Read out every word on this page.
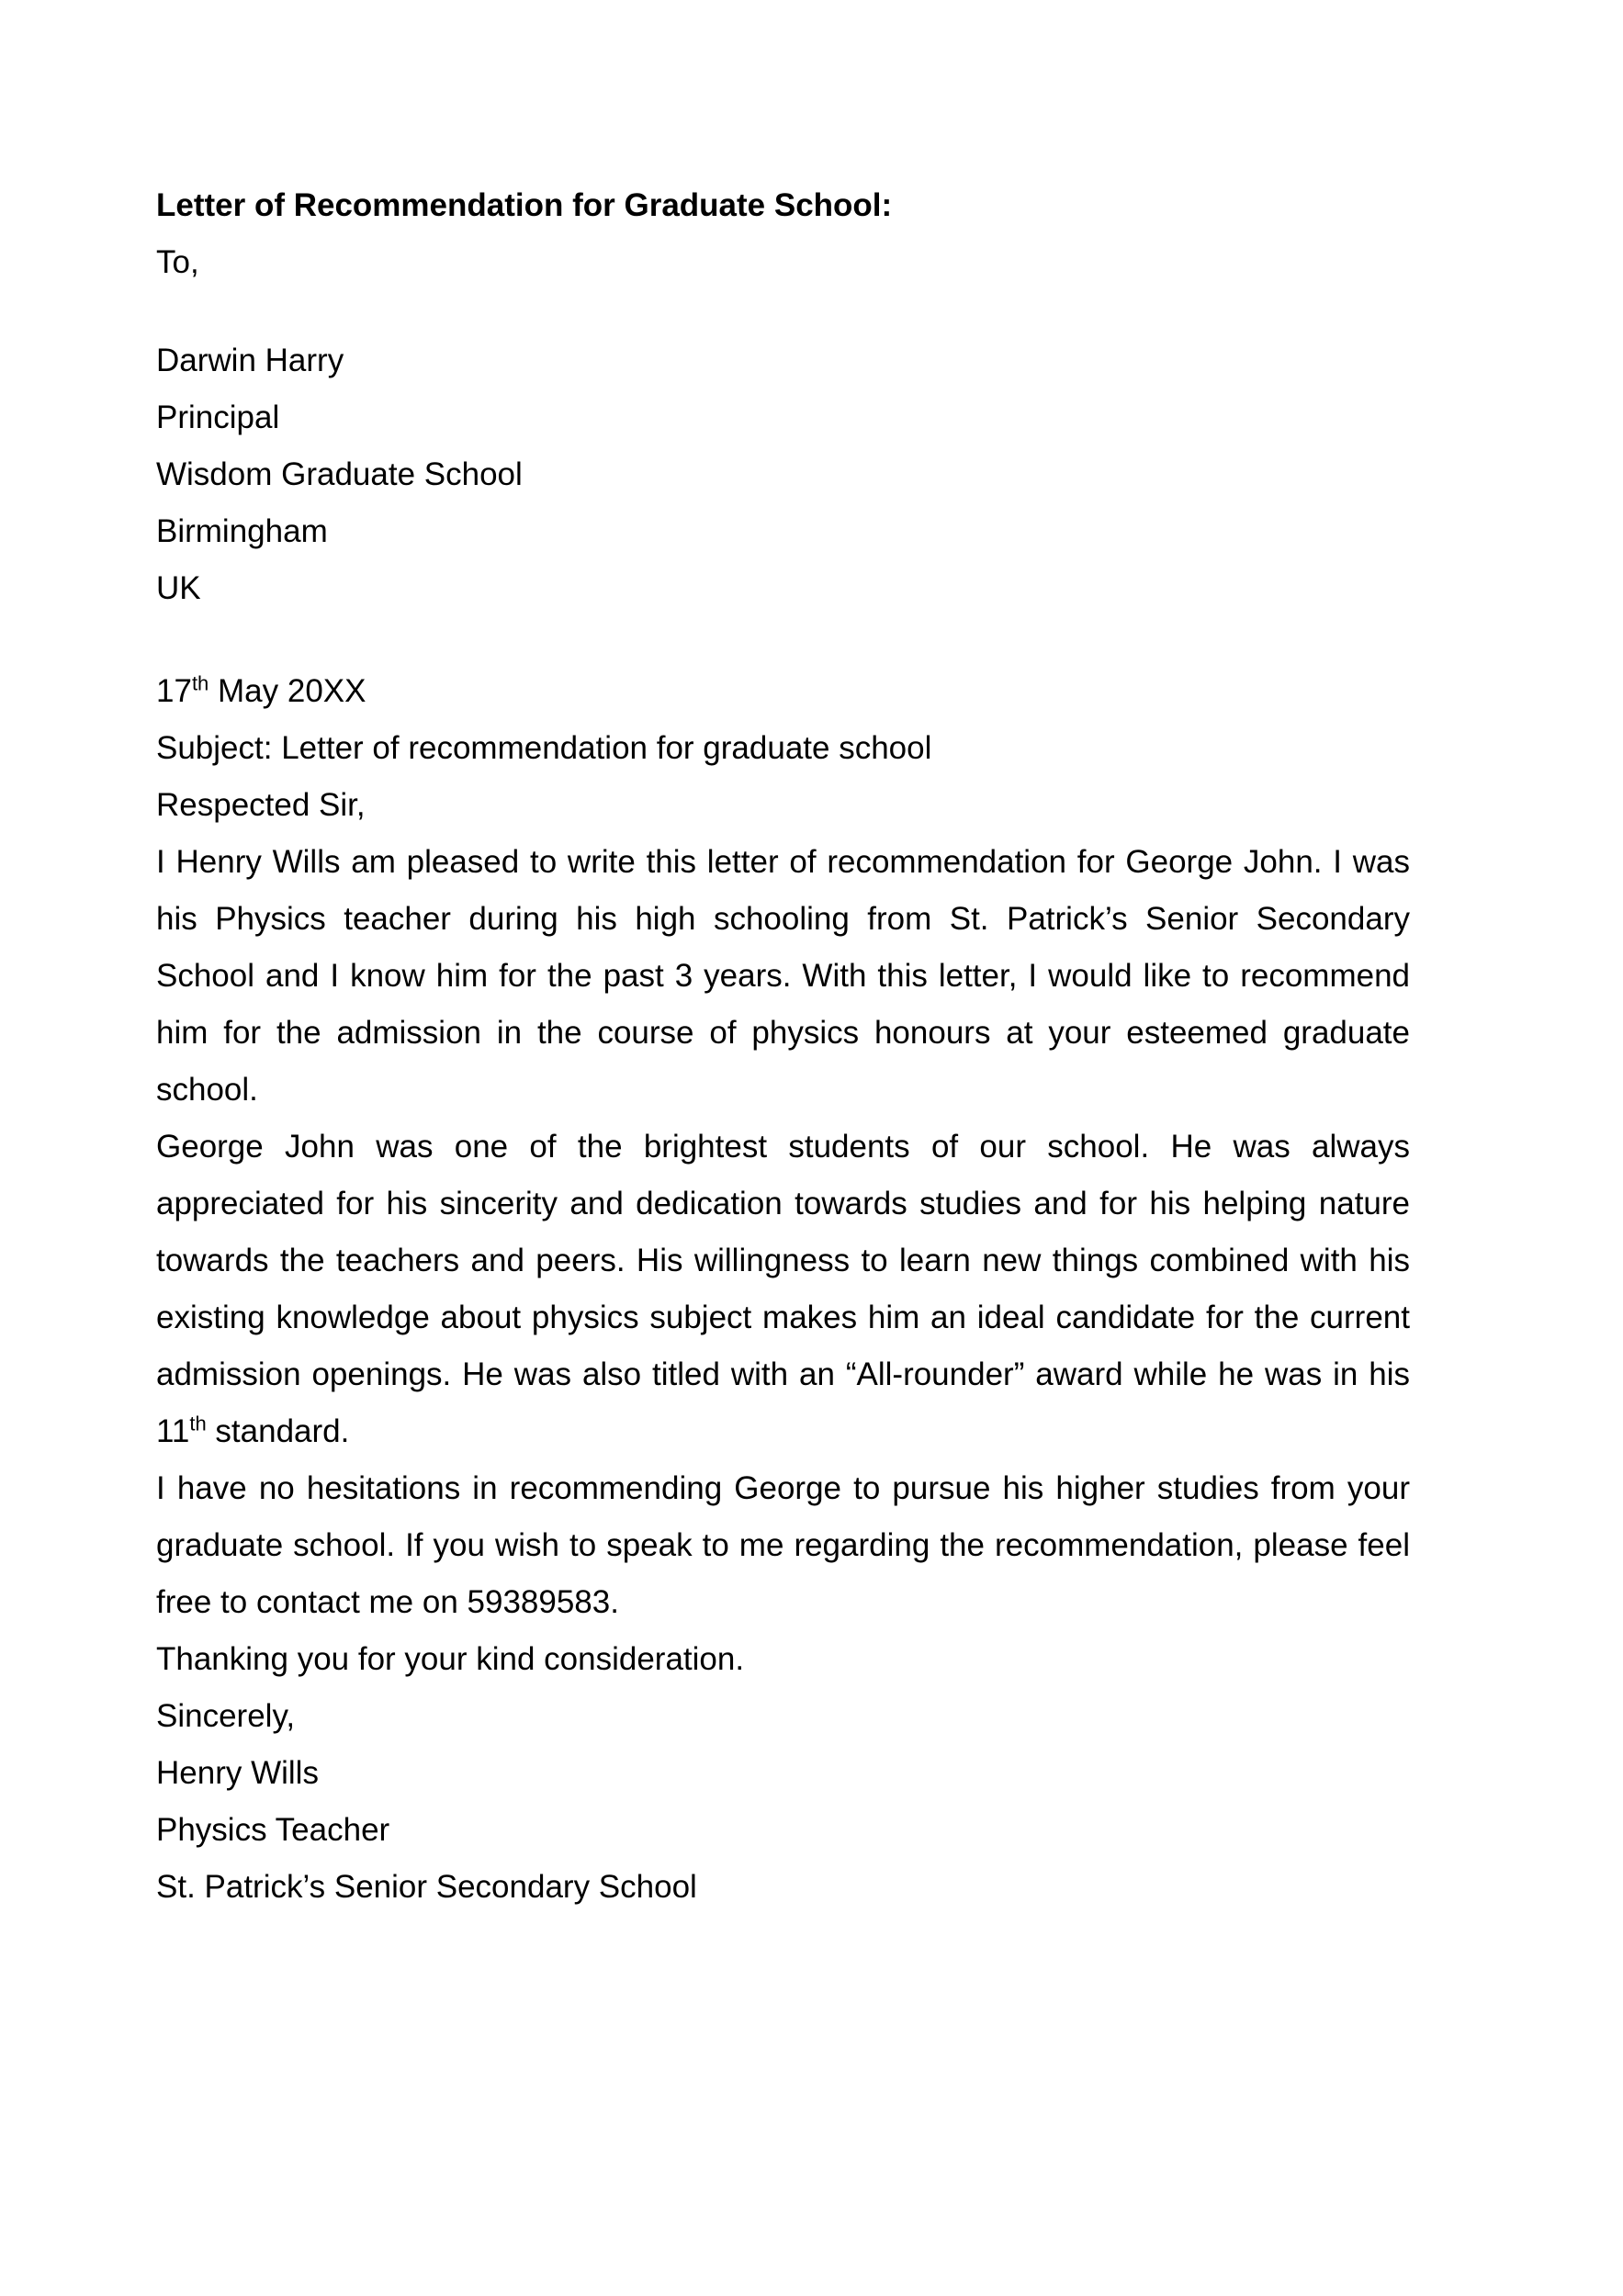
Letter of Recommendation for Graduate School:

To,

Darwin Harry
Principal
Wisdom Graduate School
Birmingham
UK
17th May 20XX
Subject: Letter of recommendation for graduate school
Respected Sir,

I Henry Wills am pleased to write this letter of recommendation for George John. I was his Physics teacher during his high schooling from St. Patrick’s Senior Secondary School and I know him for the past 3 years. With this letter, I would like to recommend him for the admission in the course of physics honours at your esteemed graduate school.

George John was one of the brightest students of our school. He was always appreciated for his sincerity and dedication towards studies and for his helping nature towards the teachers and peers. His willingness to learn new things combined with his existing knowledge about physics subject makes him an ideal candidate for the current admission openings. He was also titled with an “All-rounder” award while he was in his 11th standard.

I have no hesitations in recommending George to pursue his higher studies from your graduate school. If you wish to speak to me regarding the recommendation, please feel free to contact me on 59389583.

Thanking you for your kind consideration.

Sincerely,

Henry Wills

Physics Teacher

St. Patrick’s Senior Secondary School
